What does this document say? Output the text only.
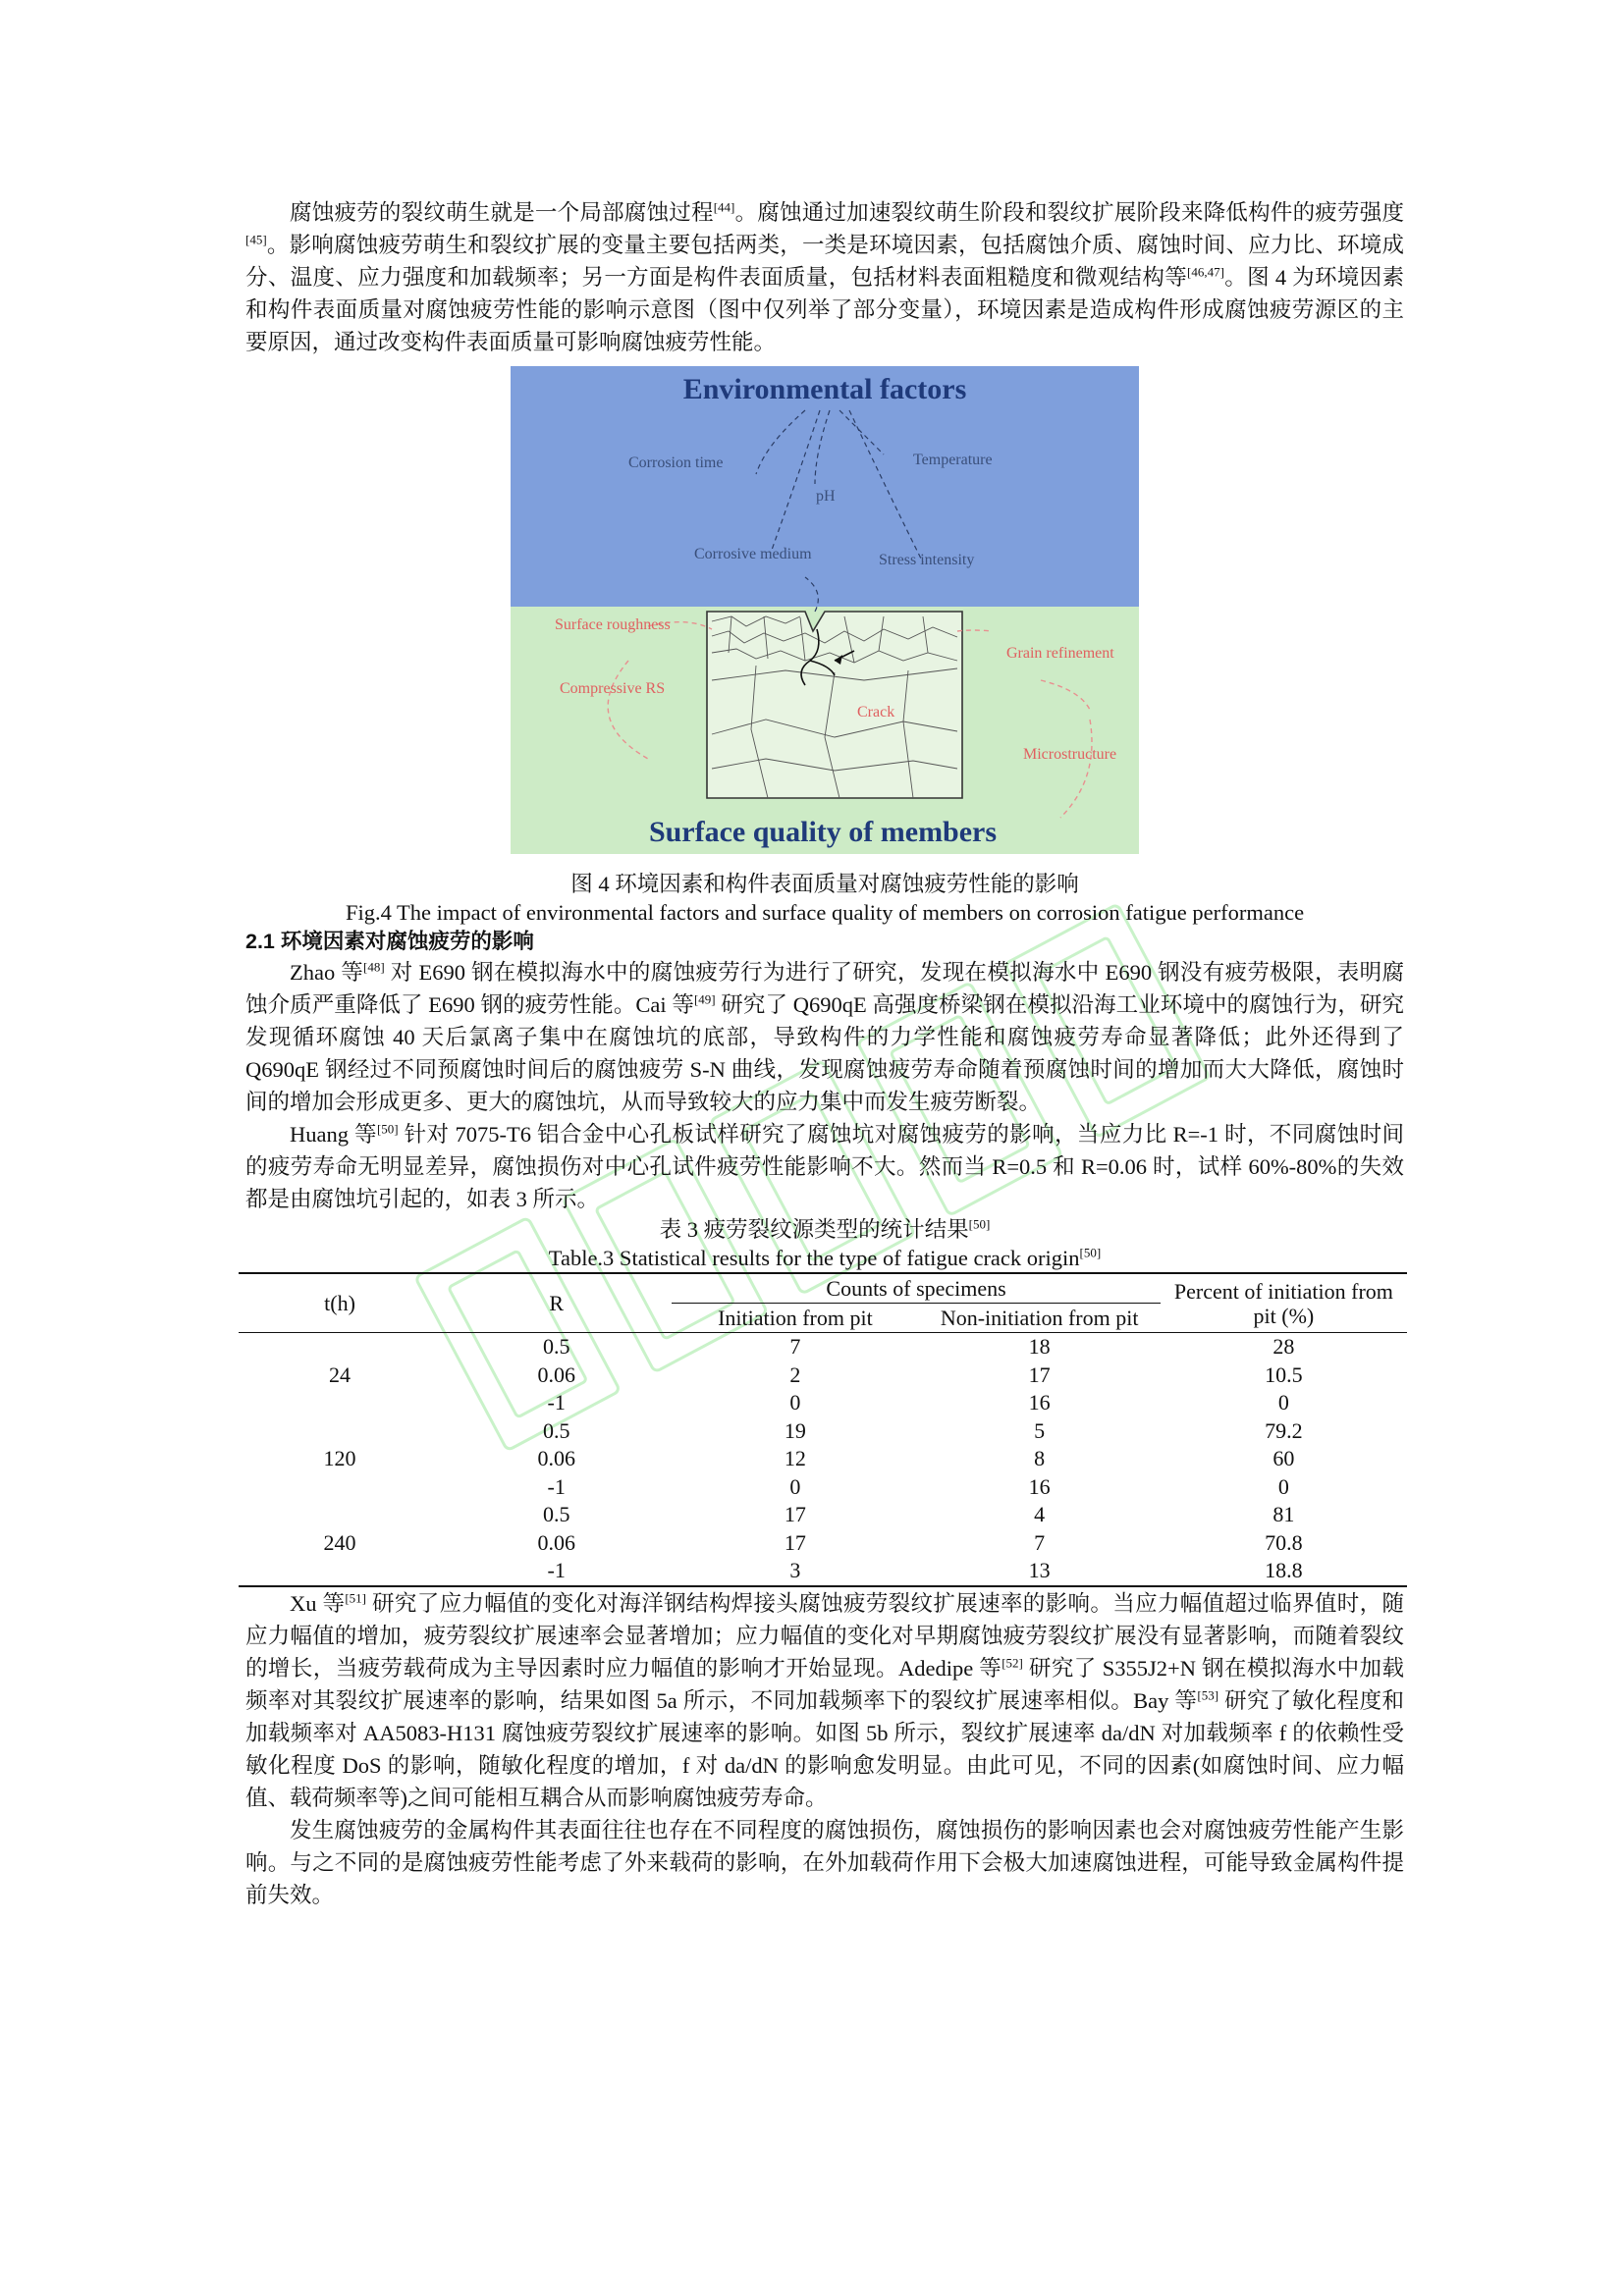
腐蚀疲劳的裂纹萌生就是一个局部腐蚀过程[44]。腐蚀通过加速裂纹萌生阶段和裂纹扩展阶段来降低构件的疲劳强度[45]。影响腐蚀疲劳萌生和裂纹扩展的变量主要包括两类，一类是环境因素，包括腐蚀介质、腐蚀时间、应力比、环境成分、温度、应力强度和加载频率；另一方面是构件表面质量，包括材料表面粗糙度和微观结构等[46,47]。图 4 为环境因素和构件表面质量对腐蚀疲劳性能的影响示意图（图中仅列举了部分变量），环境因素是造成构件形成腐蚀疲劳源区的主要原因，通过改变构件表面质量可影响腐蚀疲劳性能。

Environmental factors
Corrosion time
pH
Temperature
Corrosive medium	Stress intensity
Surface roughness
Grain refinement
Compressive RS
Crack
Microstructure
Surface quality of members

图 4 环境因素和构件表面质量对腐蚀疲劳性能的影响

Fig.4 The impact of environmental factors and surface quality of members on corrosion fatigue performance

2.1 环境因素对腐蚀疲劳的影响

Zhao 等[48] 对 E690 钢在模拟海水中的腐蚀疲劳行为进行了研究，发现在模拟海水中 E690 钢没有疲劳极限，表明腐蚀介质严重降低了 E690 钢的疲劳性能。Cai 等[49] 研究了 Q690qE 高强度桥梁钢在模拟沿海工业环境中的腐蚀行为，研究发现循环腐蚀 40 天后氯离子集中在腐蚀坑的底部，导致构件的力学性能和腐蚀疲劳寿命显著降低；此外还得到了 Q690qE 钢经过不同预腐蚀时间后的腐蚀疲劳 S-N 曲线，发现腐蚀疲劳寿命随着预腐蚀时间的增加而大大降低，腐蚀时间的增加会形成更多、更大的腐蚀坑，从而导致较大的应力集中而发生疲劳断裂。

Huang 等[50] 针对 7075-T6 铝合金中心孔板试样研究了腐蚀坑对腐蚀疲劳的影响，当应力比 R=-1 时，不同腐蚀时间的疲劳寿命无明显差异，腐蚀损伤对中心孔试件疲劳性能影响不大。然而当 R=0.5 和 R=0.06 时，试样 60%-80%的失效都是由腐蚀坑引起的，如表 3 所示。

表 3 疲劳裂纹源类型的统计结果[50]

Table.3 Statistical results for the type of fatigue crack origin[50]

t(h)	R	Counts of specimens		Percent of initiation from pit (%)
		Initiation from pit	Non-initiation from pit	
24	0.5	7	18	28
	0.06	2	17	10.5
	-1	0	16	0
120	0.5	19	5	79.2
	0.06	12	8	60
	-1	0	16	0
240	0.5	17	4	81
	0.06	17	7	70.8
	-1	3	13	18.8

Xu 等[51] 研究了应力幅值的变化对海洋钢结构焊接头腐蚀疲劳裂纹扩展速率的影响。当应力幅值超过临界值时，随应力幅值的增加，疲劳裂纹扩展速率会显著增加；应力幅值的变化对早期腐蚀疲劳裂纹扩展没有显著影响，而随着裂纹的增长，当疲劳载荷成为主导因素时应力幅值的影响才开始显现。Adedipe 等[52] 研究了 S355J2+N 钢在模拟海水中加载频率对其裂纹扩展速率的影响，结果如图 5a 所示，不同加载频率下的裂纹扩展速率相似。Bay 等[53] 研究了敏化程度和加载频率对 AA5083-H131 腐蚀疲劳裂纹扩展速率的影响。如图 5b 所示，裂纹扩展速率 da/dN 对加载频率 f 的依赖性受敏化程度 DoS 的影响，随敏化程度的增加，f 对 da/dN 的影响愈发明显。由此可见，不同的因素(如腐蚀时间、应力幅值、载荷频率等)之间可能相互耦合从而影响腐蚀疲劳寿命。

发生腐蚀疲劳的金属构件其表面往往也存在不同程度的腐蚀损伤，腐蚀损伤的影响因素也会对腐蚀疲劳性能产生影响。与之不同的是腐蚀疲劳性能考虑了外来载荷的影响，在外加载荷作用下会极大加速腐蚀进程，可能导致金属构件提前失效。
